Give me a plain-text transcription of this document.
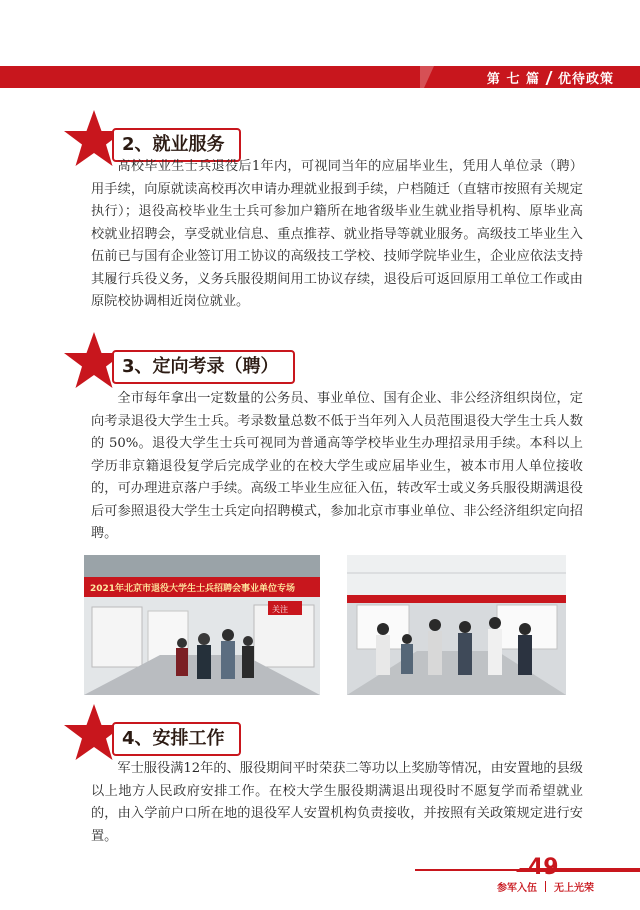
第 七 篇 优待政策
2、就业服务

高校毕业生士兵退役后1年内，可视同当年的应届毕业生，凭用人单位录（聘）用手续，向原就读高校再次申请办理就业报到手续，户档随迁（直辖市按照有关规定执行）；退役高校毕业生士兵可参加户籍所在地省级毕业生就业指导机构、原毕业高校就业招聘会，享受就业信息、重点推荐、就业指导等就业服务。高级技工毕业生入伍前已与国有企业签订用工协议的高级技工学校、技师学院毕业生，企业应依法支持其履行兵役义务，义务兵服役期间用工协议存续，退役后可返回原用工单位工作或由原院校协调相近岗位就业。

3、定向考录（聘）

全市每年拿出一定数量的公务员、事业单位、国有企业、非公经济组织岗位，定向考录退役大学生士兵。考录数量总数不低于当年列入人员范围退役大学生士兵人数的 50%。退役大学生士兵可视同为普通高等学校毕业生办理招录用手续。本科以上学历非京籍退役复学后完成学业的在校大学生或应届毕业生，被本市用人单位接收的，可办理进京落户手续。高级工毕业生应征入伍，转改军士或义务兵服役期满退役后可参照退役大学生士兵定向招聘模式，参加北京市事业单位、非公经济组织定向招聘。

2021年北京市退役大学生士兵招聘会事业单位专场
关注
4、安排工作

军士服役满12年的、服役期间平时荣获二等功以上奖励等情况，由安置地的县级以上地方人民政府安排工作。在校大学生服役期满退出现役时不愿复学而希望就业的，由入学前户口所在地的退役军人安置机构负责接收，并按照有关政策规定进行安置。

49
参军入伍 无上光荣
